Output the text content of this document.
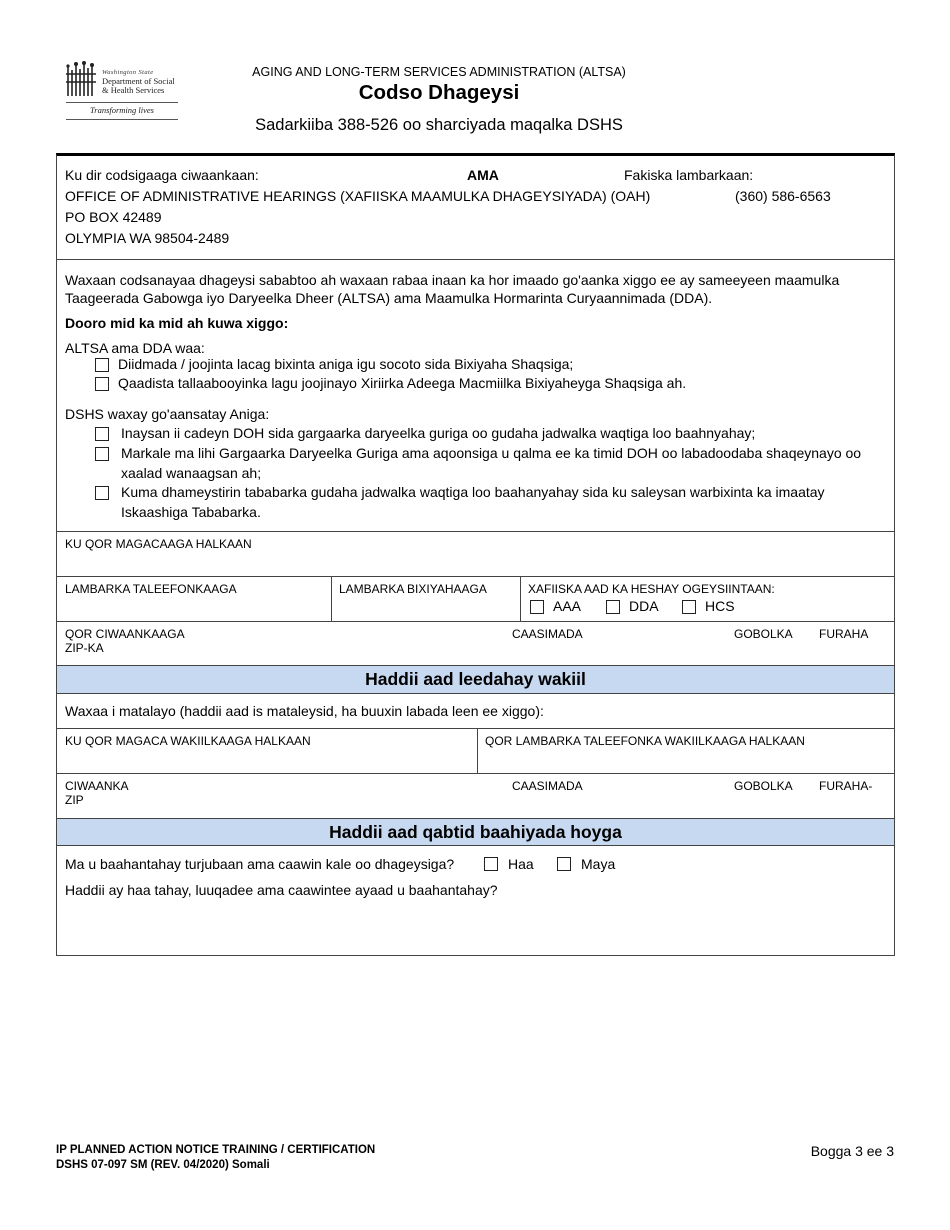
Washington State
Department of Social
& Health Services
Transforming lives
AGING AND LONG-TERM SERVICES ADMINISTRATION (ALTSA)
Codso Dhageysi
Sadarkiiba 388-526 oo sharciyada maqalka DSHS
Ku dir codsigaaga ciwaankaan:	AMA	Fakiska lambarkaan:
OFFICE OF ADMINISTRATIVE HEARINGS (XAFIISKA MAAMULKA DHAGEYSIYADA) (OAH)	(360) 586-6563
PO BOX 42489
OLYMPIA WA 98504-2489
Waxaan codsanayaa dhageysi sababtoo ah waxaan rabaa inaan ka hor imaado go'aanka xiggo ee ay sameeyeen maamulka Taageerada Gabowga iyo Daryeelka Dheer (ALTSA) ama Maamulka Hormarinta Curyaannimada (DDA).
Dooro mid ka mid ah kuwa xiggo:
ALTSA ama DDA waa:
Diidmada / joojinta lacag bixinta aniga igu socoto sida Bixiyaha Shaqsiga;
Qaadista tallaabooyinka lagu joojinayo Xiriirka Adeega Macmiilka Bixiyaheyga Shaqsiga ah.
DSHS waxay go'aansatay Aniga:
Inaysan ii cadeyn DOH sida gargaarka daryeelka guriga oo gudaha jadwalka waqtiga loo baahnyahay;
Markale ma lihi Gargaarka Daryeelka Guriga ama aqoonsiga u qalma ee ka timid DOH oo labadoodaba shaqeynayo oo xaalad wanaagsan ah;
Kuma dhameystirin tababarka gudaha jadwalka waqtiga loo baahanyahay sida ku saleysan warbixinta ka imaatay Iskaashiga Tababarka.
KU QOR MAGACAAGA HALKAAN
LAMBARKA TALEEFONKAAGA	LAMBARKA BIXIYAHAAGA	XAFIISKA AAD KA HESHAY OGEYSIINTAAN:
AAA	DDA	HCS
QOR CIWAANKAAGA
ZIP-KA
CAASIMADA	GOBOLKA FURAHA
Haddii aad leedahay wakiil
Waxaa i matalayo (haddii aad is mataleysid, ha buuxin labada leen ee xiggo):
KU QOR MAGACA WAKIILKAAGA HALKAAN	QOR LAMBARKA TALEEFONKA WAKIILKAAGA HALKAAN
CIWAANKA
ZIP
CAASIMADA	GOBOLKA FURAHA-
Haddii aad qabtid baahiyada hoyga
Ma u baahantahay turjubaan ama caawin kale oo dhageysiga?	Haa	Maya
Haddii ay haa tahay, luuqadee ama caawintee ayaad u baahantahay?
IP PLANNED ACTION NOTICE TRAINING / CERTIFICATION
DSHS 07-097 SM (REV. 04/2020) Somali
Bogga 3 ee 3
